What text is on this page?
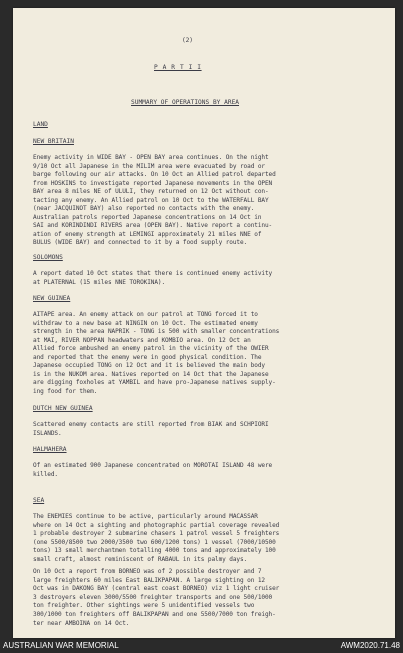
(2)
P A R T I I
SUMMARY OF OPERATIONS BY AREA
LAND
NEW BRITAIN
Enemy activity in WIDE BAY - OPEN BAY area continues. On the night
9/10 Oct all Japanese in the MILIM area were evacuated by road or
barge following our air attacks. On 10 Oct an Allied patrol departed
from HOSKINS to investigate reported Japanese movements in the OPEN
BAY area 8 miles NE of ULULI, they returned on 12 Oct without con-
tacting any enemy. An Allied patrol on 10 Oct to the WATERFALL BAY
(near JACQUINOT BAY) also reported no contacts with the enemy.
Australian patrols reported Japanese concentrations on 14 Oct in
SAI and KORINDINDI RIVERS area (OPEN BAY). Native report a continu-
ation of enemy strength at LEMINGI approximately 21 miles NNE of
BULUS (WIDE BAY) and connected to it by a food supply route.
SOLOMONS
A report dated 10 Oct states that there is continued enemy activity
at PLATERNAL (15 miles NNE TOROKINA).
NEW GUINEA
AITAPE area. An enemy attack on our patrol at TONG forced it to
withdraw to a new base at NINGIN on 10 Oct. The estimated enemy
strength in the area NAPRIK - TONG is 500 with smaller concentrations
at MAI, RIVER NOPPAN headwaters and KOMBIO area. On 12 Oct an
Allied force ambushed an enemy patrol in the vicinity of the OWIER
and reported that the enemy were in good physical condition. The
Japanese occupied TONG on 12 Oct and it is believed the main body
is in the NUKOM area. Natives reported on 14 Oct that the Japanese
are digging foxholes at YAMBIL and have pro-Japanese natives supply-
ing food for them.
DUTCH NEW GUINEA
Scattered enemy contacts are still reported from BIAK and SCHPIORI
ISLANDS.
HALMAHERA
Of an estimated 900 Japanese concentrated on MOROTAI ISLAND 48 were
killed.
SEA
The ENEMIES continue to be active, particularly around MACASSAR
where on 14 Oct a sighting and photographic partial coverage revealed
1 probable destroyer 2 submarine chasers 1 patrol vessel 5 freighters
(one 5500/8500 two 2000/3500 two 600/1200 tons) 1 vessel (7000/10500
tons) 13 small merchantmen totalling 4000 tons and approximately 100
small craft, almost reminiscent of RABAUL in its palmy days.
On 10 Oct a report from BORNEO was of 2 possible destroyer and 7
large freighters 60 miles East BALIKPAPAN. A large sighting on 12
Oct was in DAKONG BAY (central east coast BORNEO) viz 1 light cruiser
3 destroyers eleven 3000/5500 freighter transports and one 500/1000
ton freighter. Other sightings were 5 unidentified vessels two
300/1000 ton freighters off BALIKPAPAN and one 5500/7000 ton freigh-
ter near AMBOINA on 14 Oct.
AUSTRALIAN WAR MEMORIAL	AWM2020.71.48
